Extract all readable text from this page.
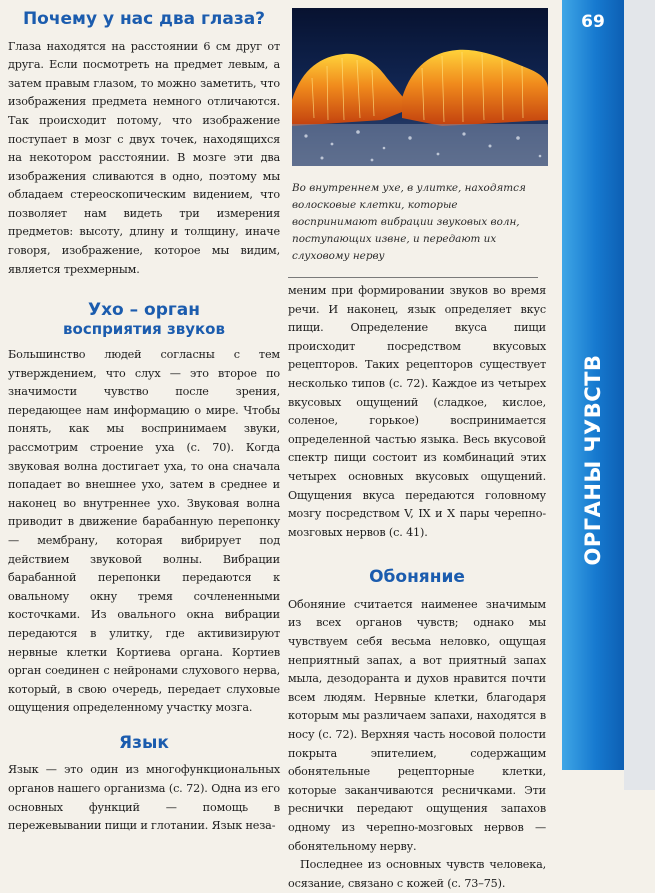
Почему у нас два глаза?

Глаза находятся на расстоянии 6 см друг от друга. Если посмотреть на предмет левым, а затем правым глазом, то можно заметить, что изображения предмета немного отличаются. Так происходит потому, что изображение поступает в мозг с двух точек, находящихся на некотором расстоянии. В мозге эти два изображения сливаются в одно, поэтому мы обладаем стереоскопическим видением, что позволяет нам видеть три измерения предметов: высоту, длину и толщину, иначе говоря, изображение, которое мы видим, является трехмерным.

Ухо – орган
восприятия звуков

Большинство людей согласны с тем утверждением, что слух — это второе по значимости чувство после зрения, передающее нам информацию о мире. Чтобы понять, как мы воспринимаем звуки, рассмотрим строение уха (с. 70). Когда звуковая волна достигает уха, то она сначала попадает во внешнее ухо, затем в среднее и наконец во внутреннее ухо. Звуковая волна приводит в движение барабанную перепонку — мембрану, которая вибрирует под действием звуковой волны. Вибрации барабанной перепонки передаются к овальному окну тремя сочлененными косточками. Из овального окна вибрации передаются в улитку, где активизируют нервные клетки Кортиева органа. Кортиев орган соединен с нейронами слухового нерва, который, в свою очередь, передает слуховые ощущения определенному участку мозга.

Язык

Язык — это один из многофункциональных органов нашего организма (с. 72). Одна из его основных функций — помощь в пережевывании пищи и глотании. Язык неза-

Во внутреннем ухе, в улитке, находятся волосковые клетки, которые воспринимают вибрации звуковых волн, поступающих извне, и передают их слуховому нерву

меним при формировании звуков во время речи. И наконец, язык определяет вкус пищи. Определение вкуса пищи происходит посредством вкусовых рецепторов. Таких рецепторов существует несколько типов (с. 72). Каждое из четырех вкусовых ощущений (сладкое, кислое, соленое, горькое) воспринимается определенной частью языка. Весь вкусовой спектр пищи состоит из комбинаций этих четырех основных вкусовых ощущений. Ощущения вкуса передаются головному мозгу посредством V, IX и X пары черепно-мозговых нервов (с. 41).

Обоняние

Обоняние считается наименее значимым из всех органов чувств; однако мы чувствуем себя весьма неловко, ощущая неприятный запах, а вот приятный запах мыла, дезодоранта и духов нравится почти всем людям. Нервные клетки, благодаря которым мы различаем запахи, находятся в носу (с. 72). Верхняя часть носовой полости покрыта эпителием, содержащим обонятельные рецепторные клетки, которые заканчиваются ресничками. Эти реснички передают ощущения запахов одному из черепно-мозговых нервов — обонятельному нерву.

Последнее из основных чувств человека, осязание, связано с кожей (с. 73–75).

69
ОРГАНЫ ЧУВСТВ
